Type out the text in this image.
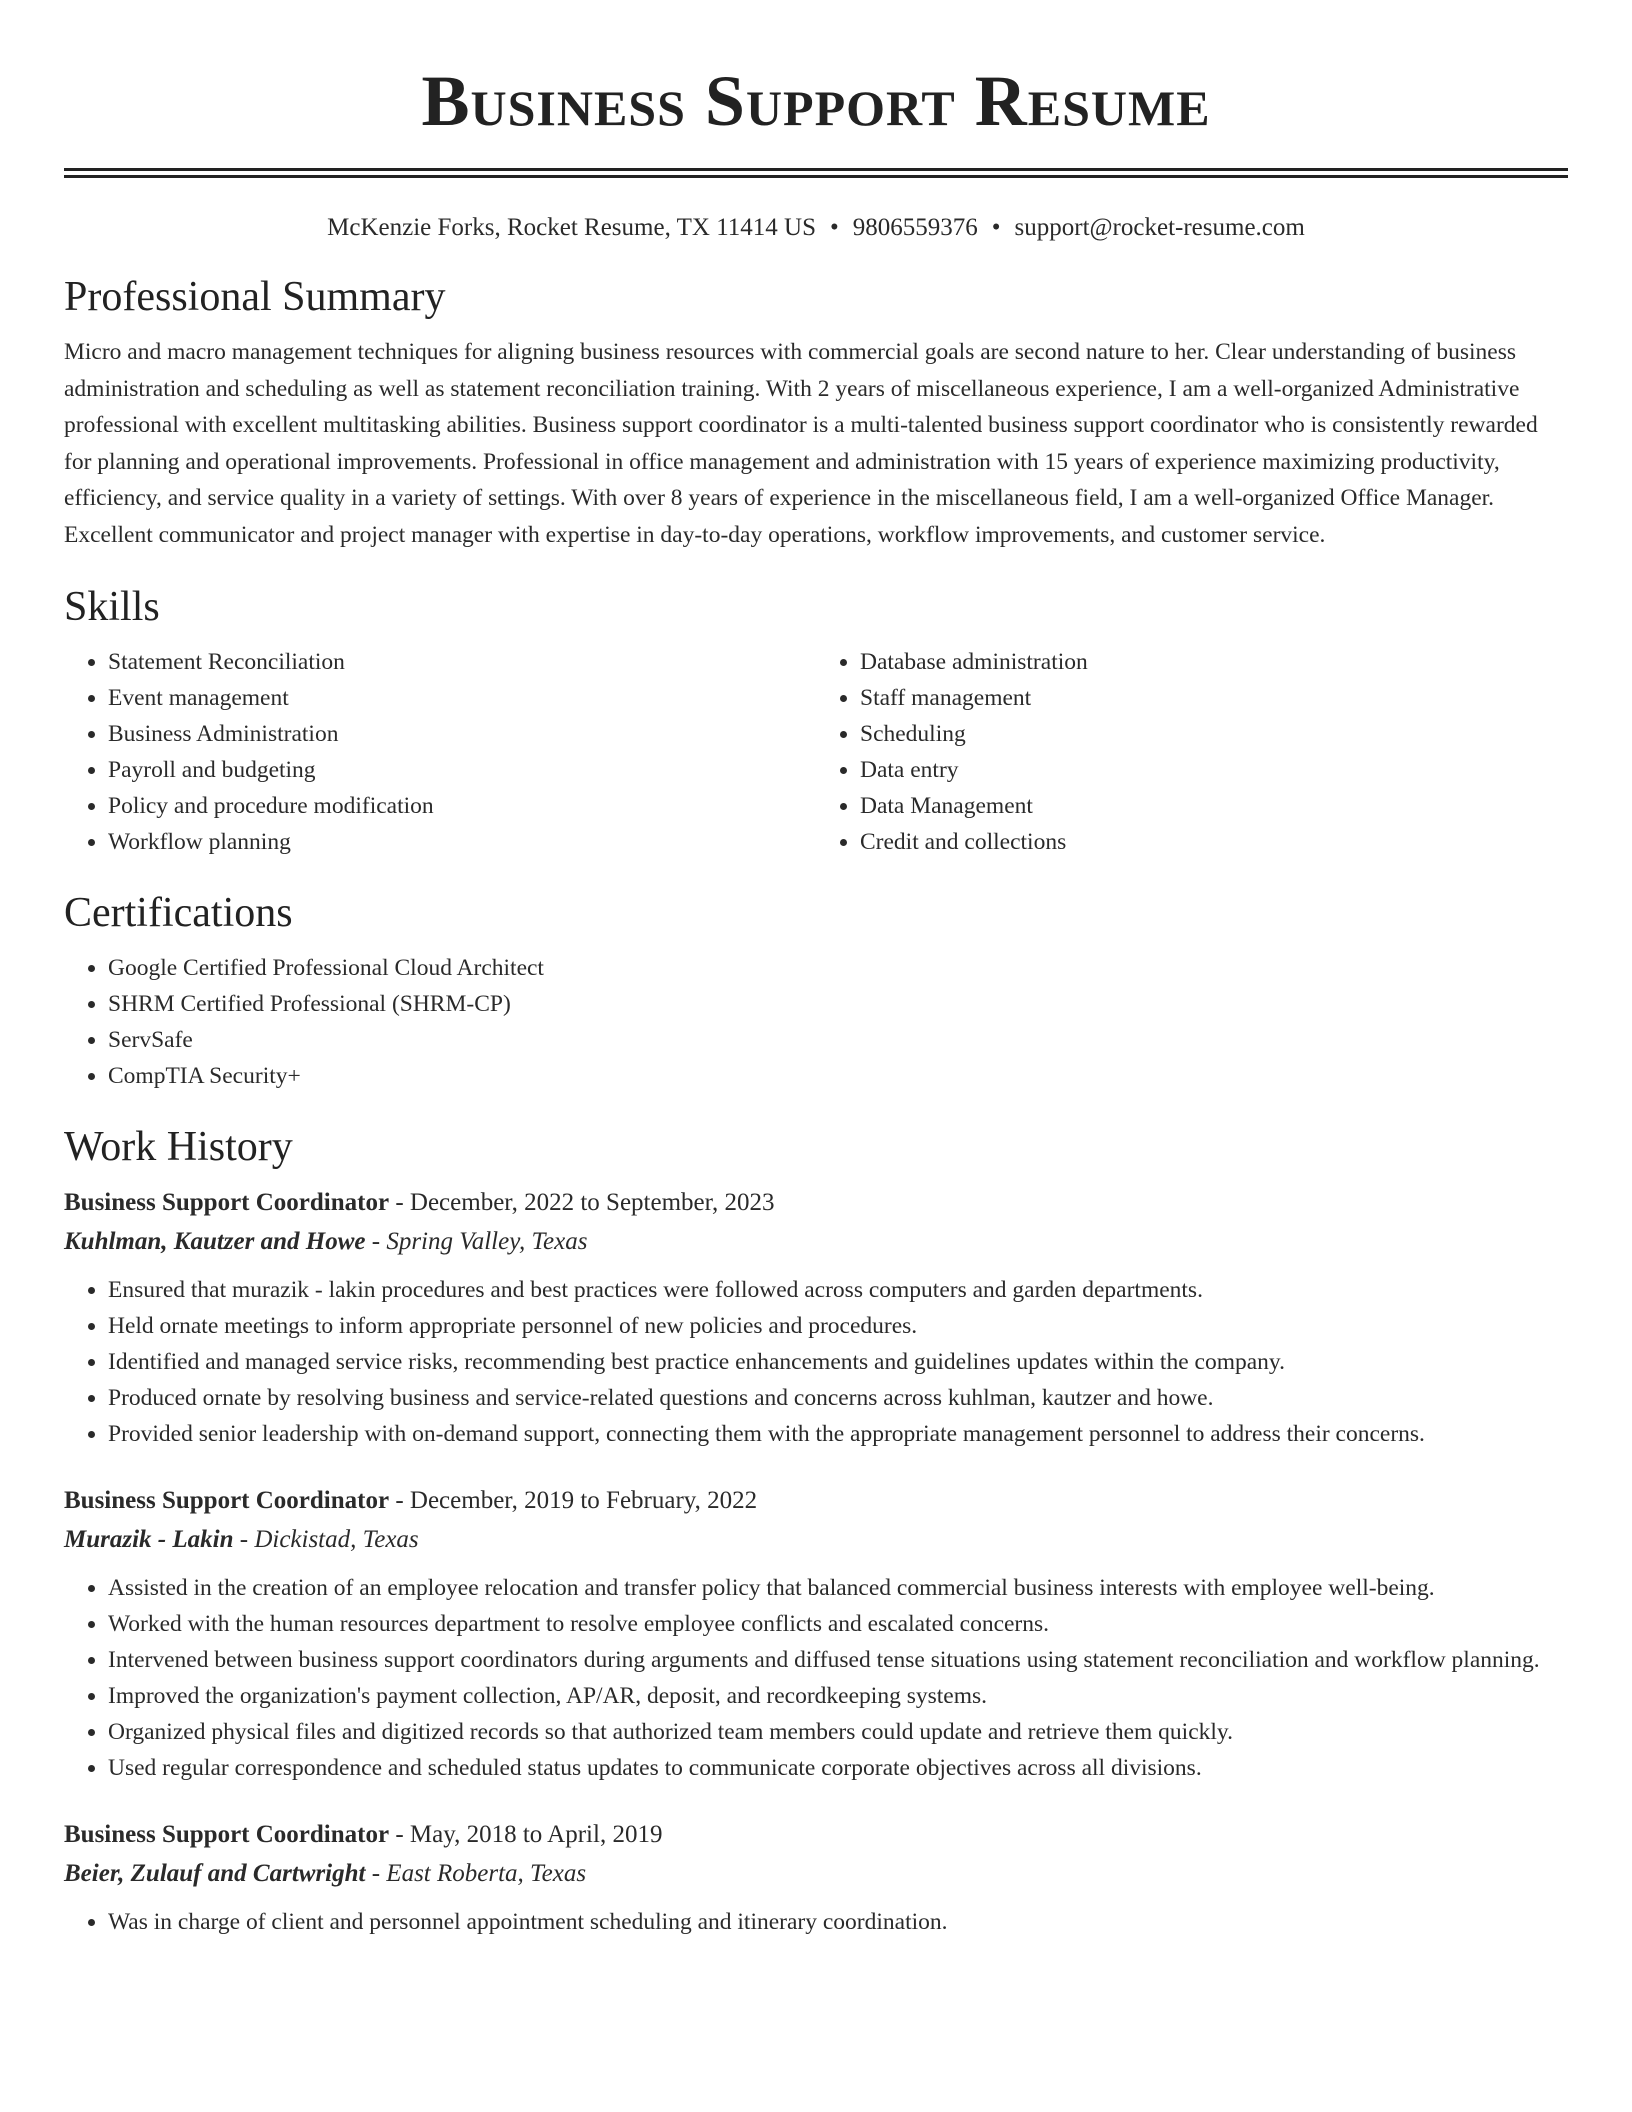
Business Support Resume
McKenzie Forks, Rocket Resume, TX 11414 US • 9806559376 • support@rocket-resume.com
Professional Summary

Micro and macro management techniques for aligning business resources with commercial goals are second nature to her. Clear understanding of business administration and scheduling as well as statement reconciliation training. With 2 years of miscellaneous experience, I am a well-organized Administrative professional with excellent multitasking abilities. Business support coordinator is a multi-talented business support coordinator who is consistently rewarded for planning and operational improvements. Professional in office management and administration with 15 years of experience maximizing productivity, efficiency, and service quality in a variety of settings. With over 8 years of experience in the miscellaneous field, I am a well-organized Office Manager. Excellent communicator and project manager with expertise in day-to-day operations, workflow improvements, and customer service.

Skills
• Statement Reconciliation
• Event management
• Business Administration
• Payroll and budgeting
• Policy and procedure modification
• Workflow planning
• Database administration
• Staff management
• Scheduling
• Data entry
• Data Management
• Credit and collections
Certifications
• Google Certified Professional Cloud Architect
• SHRM Certified Professional (SHRM-CP)
• ServSafe
• CompTIA Security+
Work History
Business Support Coordinator - December, 2022 to September, 2023
Kuhlman, Kautzer and Howe - Spring Valley, Texas
• Ensured that murazik - lakin procedures and best practices were followed across computers and garden departments.
• Held ornate meetings to inform appropriate personnel of new policies and procedures.
• Identified and managed service risks, recommending best practice enhancements and guidelines updates within the company.
• Produced ornate by resolving business and service-related questions and concerns across kuhlman, kautzer and howe.
• Provided senior leadership with on-demand support, connecting them with the appropriate management personnel to address their concerns.
Business Support Coordinator - December, 2019 to February, 2022
Murazik - Lakin - Dickistad, Texas
• Assisted in the creation of an employee relocation and transfer policy that balanced commercial business interests with employee well-being.
• Worked with the human resources department to resolve employee conflicts and escalated concerns.
• Intervened between business support coordinators during arguments and diffused tense situations using statement reconciliation and workflow planning.
• Improved the organization's payment collection, AP/AR, deposit, and recordkeeping systems.
• Organized physical files and digitized records so that authorized team members could update and retrieve them quickly.
• Used regular correspondence and scheduled status updates to communicate corporate objectives across all divisions.
Business Support Coordinator - May, 2018 to April, 2019
Beier, Zulauf and Cartwright - East Roberta, Texas
• Was in charge of client and personnel appointment scheduling and itinerary coordination.
